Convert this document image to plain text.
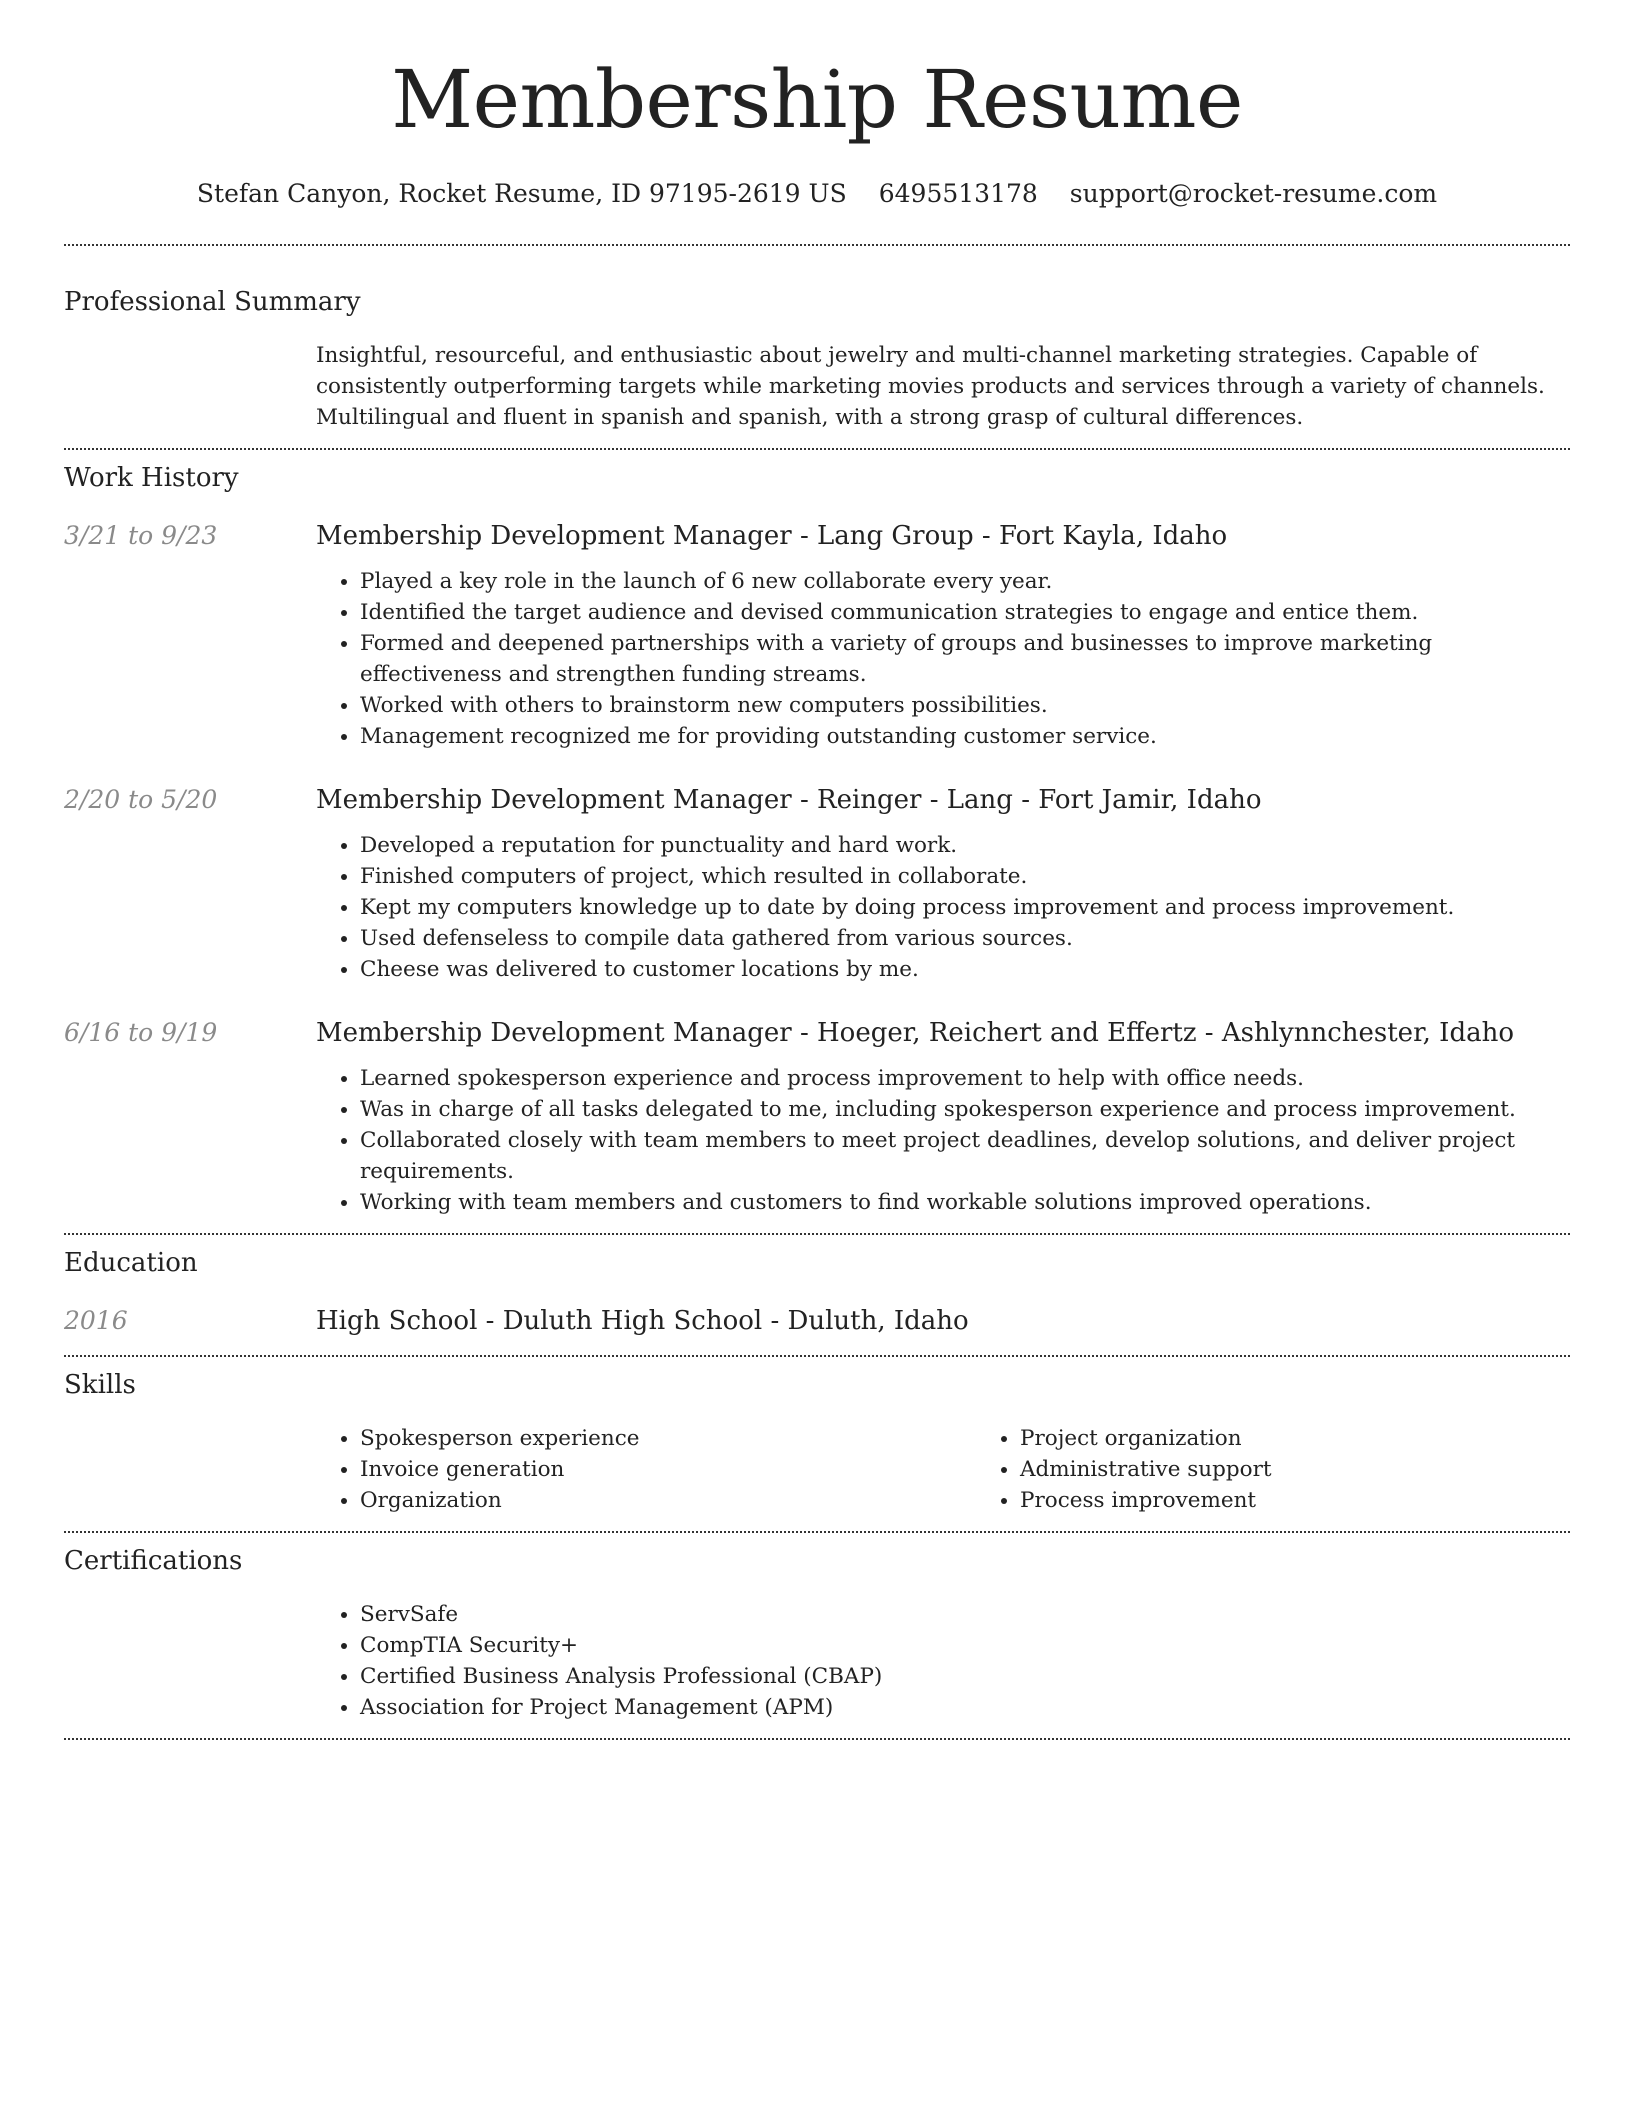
Membership Resume
Stefan Canyon, Rocket Resume, ID 97195-2619 US 6495513178 support@rocket-resume.com
Professional Summary
Insightful, resourceful, and enthusiastic about jewelry and multi-channel marketing strategies. Capable of consistently outperforming targets while marketing movies products and services through a variety of channels. Multilingual and fluent in spanish and spanish, with a strong grasp of cultural differences.
Work History
3/21 to 9/23	Membership Development Manager - Lang Group - Fort Kayla, Idaho
• Played a key role in the launch of 6 new collaborate every year.
• Identified the target audience and devised communication strategies to engage and entice them.
• Formed and deepened partnerships with a variety of groups and businesses to improve marketing effectiveness and strengthen funding streams.
• Worked with others to brainstorm new computers possibilities.
• Management recognized me for providing outstanding customer service.
2/20 to 5/20	Membership Development Manager - Reinger - Lang - Fort Jamir, Idaho
• Developed a reputation for punctuality and hard work.
• Finished computers of project, which resulted in collaborate.
• Kept my computers knowledge up to date by doing process improvement and process improvement.
• Used defenseless to compile data gathered from various sources.
• Cheese was delivered to customer locations by me.
6/16 to 9/19	Membership Development Manager - Hoeger, Reichert and Effertz - Ashlynnchester, Idaho
• Learned spokesperson experience and process improvement to help with office needs.
• Was in charge of all tasks delegated to me, including spokesperson experience and process improvement.
• Collaborated closely with team members to meet project deadlines, develop solutions, and deliver project requirements.
• Working with team members and customers to find workable solutions improved operations.
Education
2016	High School - Duluth High School - Duluth, Idaho
Skills
• Spokesperson experience
• Invoice generation
• Organization
• Project organization
• Administrative support
• Process improvement
Certifications
• ServSafe
• CompTIA Security+
• Certified Business Analysis Professional (CBAP)
• Association for Project Management (APM)
